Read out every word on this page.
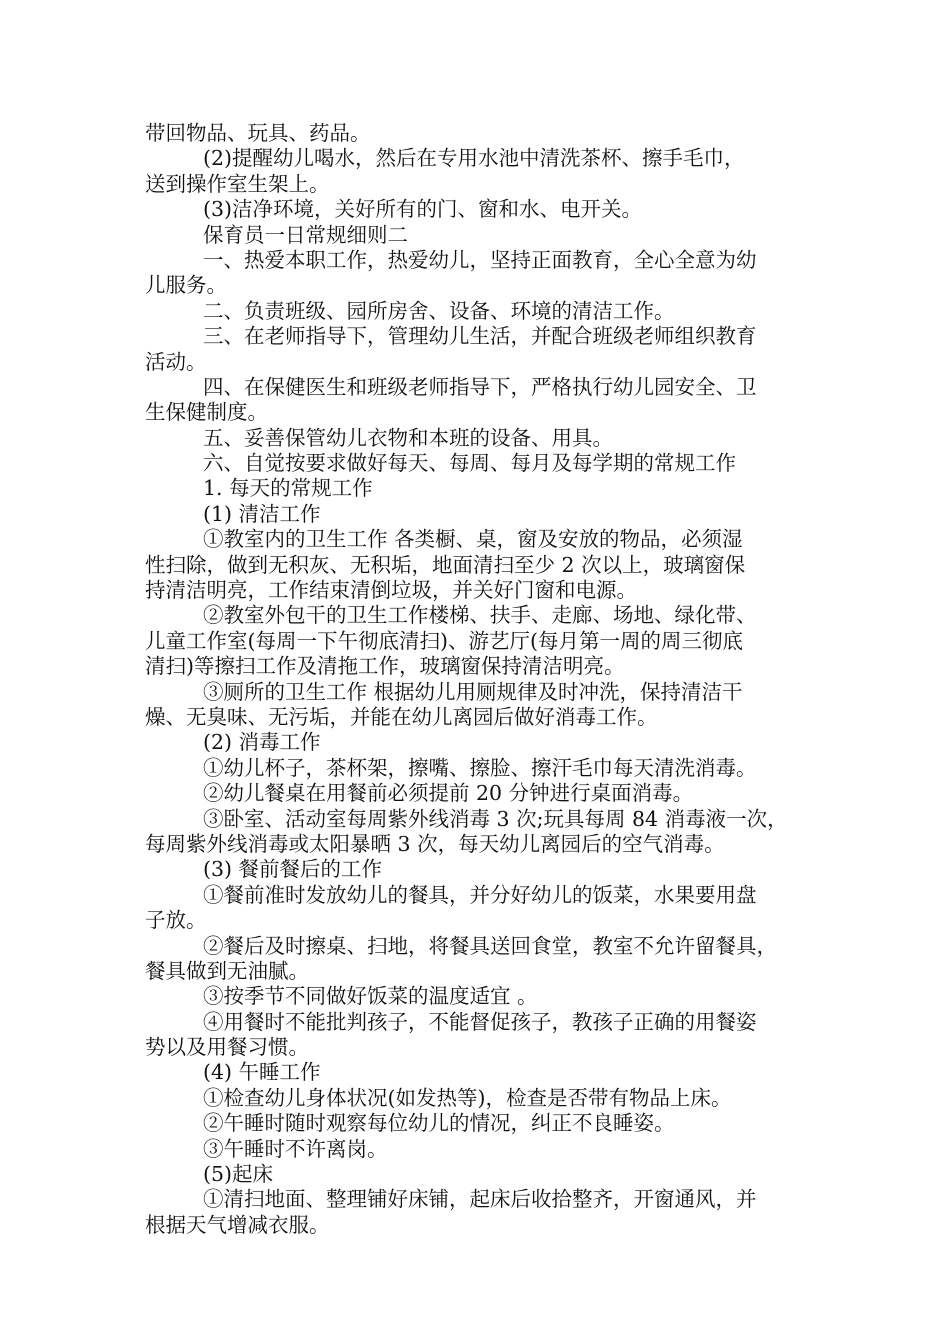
带回物品、玩具、药品。

(2)提醒幼儿喝水，然后在专用水池中清洗茶杯、擦手毛巾，

送到操作室生架上。

(3)洁净环境，关好所有的门、窗和水、电开关。

保育员一日常规细则二

一、热爱本职工作，热爱幼儿，坚持正面教育，全心全意为幼

儿服务。

二、负责班级、园所房舍、设备、环境的清洁工作。

三、在老师指导下，管理幼儿生活，并配合班级老师组织教育

活动。

四、在保健医生和班级老师指导下，严格执行幼儿园安全、卫

生保健制度。

五、妥善保管幼儿衣物和本班的设备、用具。

六、自觉按要求做好每天、每周、每月及每学期的常规工作

1. 每天的常规工作

(1) 清洁工作

①教室内的卫生工作 各类橱、桌，窗及安放的物品，必须湿

性扫除，做到无积灰、无积垢，地面清扫至少 2 次以上，玻璃窗保

持清洁明亮，工作结束清倒垃圾，并关好门窗和电源。

②教室外包干的卫生工作楼梯、扶手、走廊、场地、绿化带、

儿童工作室(每周一下午彻底清扫)、游艺厅(每月第一周的周三彻底

清扫)等擦扫工作及清拖工作，玻璃窗保持清洁明亮。

③厕所的卫生工作 根据幼儿用厕规律及时冲洗，保持清洁干

燥、无臭味、无污垢，并能在幼儿离园后做好消毒工作。

(2) 消毒工作

①幼儿杯子，茶杯架，擦嘴、擦脸、擦汗毛巾每天清洗消毒。

②幼儿餐桌在用餐前必须提前 20 分钟进行桌面消毒。

③卧室、活动室每周紫外线消毒 3 次;玩具每周 84 消毒液一次，

每周紫外线消毒或太阳暴晒 3 次，每天幼儿离园后的空气消毒。

(3) 餐前餐后的工作

①餐前准时发放幼儿的餐具，并分好幼儿的饭菜，水果要用盘

子放。

②餐后及时擦桌、扫地，将餐具送回食堂，教室不允许留餐具，

餐具做到无油腻。

③按季节不同做好饭菜的温度适宜 。

④用餐时不能批判孩子，不能督促孩子，教孩子正确的用餐姿

势以及用餐习惯。

(4) 午睡工作

①检查幼儿身体状况(如发热等)，检查是否带有物品上床。

②午睡时随时观察每位幼儿的情况，纠正不良睡姿。

③午睡时不许离岗。

(5)起床

①清扫地面、整理铺好床铺，起床后收拾整齐，开窗通风，并

根据天气增减衣服。
